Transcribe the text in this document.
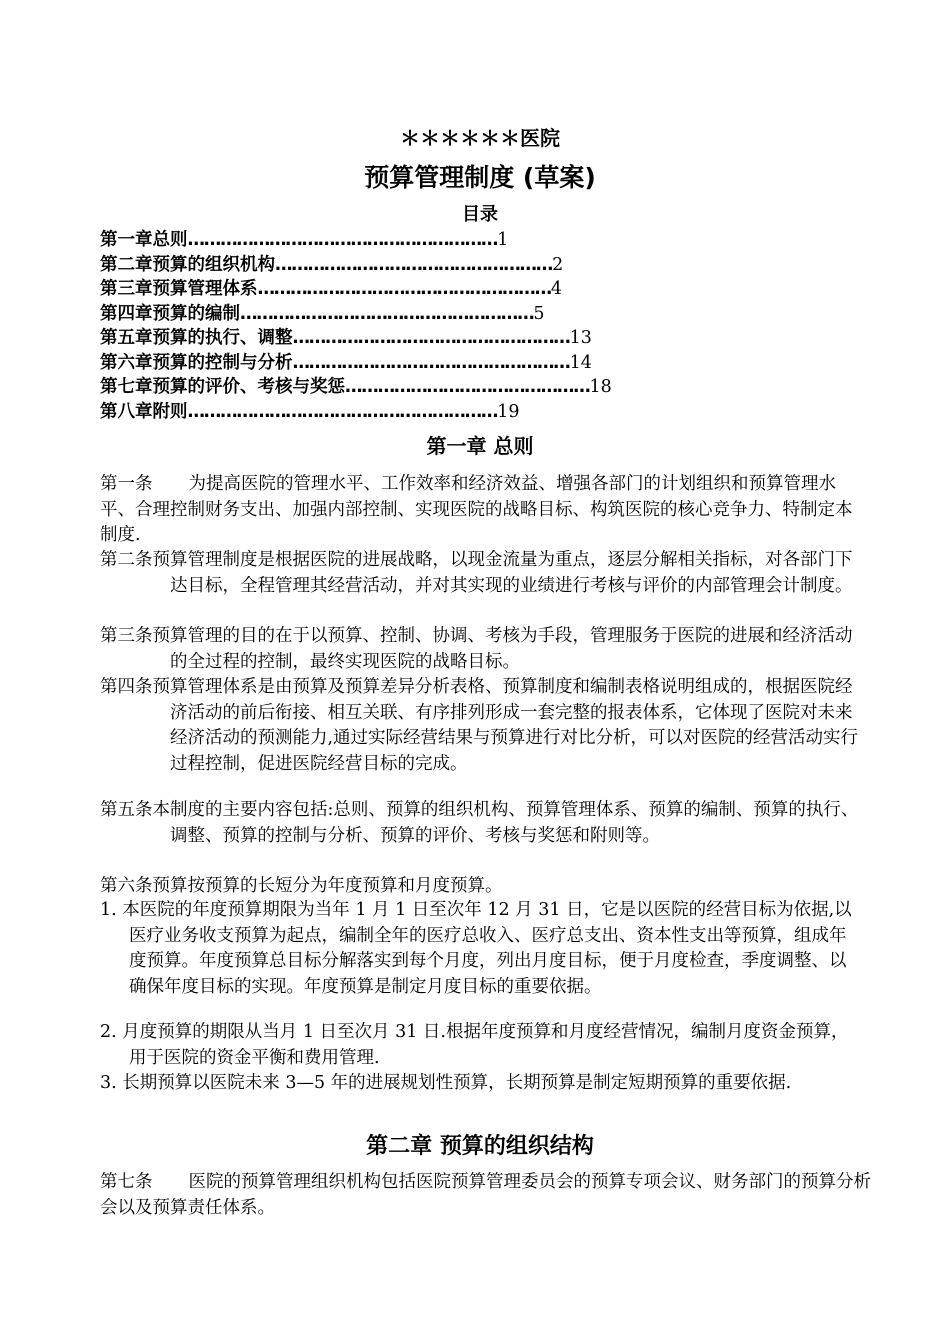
＊＊＊＊＊＊医院
预算管理制度 (草案)
目录
第一章总则…………………………………………………1
第二章预算的组织机构……………………………………………2
第三章预算管理体系………………………………………………4
第四章预算的编制………………………………………………5
第五章预算的执行、调整……………………………………………13
第六章预算的控制与分析……………………………………………14
第七章预算的评价、考核与奖惩………………………………………18
第八章附则…………………………………………………19
第一章 总则
第一条 为提高医院的管理水平、工作效率和经济效益、增强各部门的计划组织和预算管理水平、合理控制财务支出、加强内部控制、实现医院的战略目标、构筑医院的核心竞争力、特制定本制度.
第二条预算管理制度是根据医院的进展战略，以现金流量为重点，逐层分解相关指标，对各部门下达目标，全程管理其经营活动，并对其实现的业绩进行考核与评价的内部管理会计制度。
第三条预算管理的目的在于以预算、控制、协调、考核为手段，管理服务于医院的进展和经济活动的全过程的控制，最终实现医院的战略目标。
第四条预算管理体系是由预算及预算差异分析表格、预算制度和编制表格说明组成的，根据医院经济活动的前后衔接、相互关联、有序排列形成一套完整的报表体系，它体现了医院对未来经济活动的预测能力,通过实际经营结果与预算进行对比分析，可以对医院的经营活动实行过程控制，促进医院经营目标的完成。
第五条本制度的主要内容包括:总则、预算的组织机构、预算管理体系、预算的编制、预算的执行、调整、预算的控制与分析、预算的评价、考核与奖惩和附则等。
第六条预算按预算的长短分为年度预算和月度预算。
1. 本医院的年度预算期限为当年 1 月 1 日至次年 12 月 31 日，它是以医院的经营目标为依据,以医疗业务收支预算为起点，编制全年的医疗总收入、医疗总支出、资本性支出等预算，组成年度预算。年度预算总目标分解落实到每个月度，列出月度目标，便于月度检查，季度调整、以确保年度目标的实现。年度预算是制定月度目标的重要依据。
2. 月度预算的期限从当月 1 日至次月 31 日.根据年度预算和月度经营情况，编制月度资金预算，用于医院的资金平衡和费用管理.
3. 长期预算以医院未来 3—5 年的进展规划性预算，长期预算是制定短期预算的重要依据.
第二章 预算的组织结构
第七条 医院的预算管理组织机构包括医院预算管理委员会的预算专项会议、财务部门的预算分析会以及预算责任体系。
